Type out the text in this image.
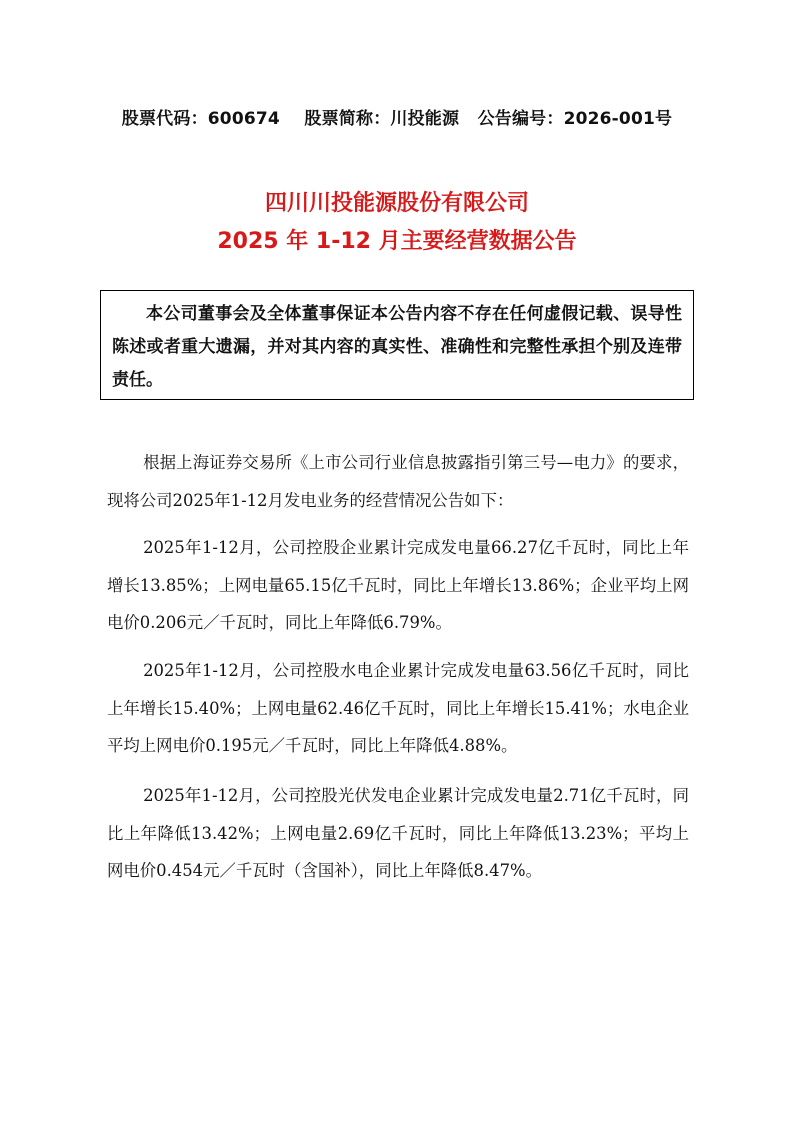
股票代码：600674    股票简称：川投能源   公告编号：2026-001号
四川川投能源股份有限公司
2025 年 1-12 月主要经营数据公告
本公司董事会及全体董事保证本公告内容不存在任何虚假记载、误导性陈述或者重大遗漏，并对其内容的真实性、准确性和完整性承担个别及连带责任。
根据上海证券交易所《上市公司行业信息披露指引第三号—电力》的要求，现将公司2025年1-12月发电业务的经营情况公告如下：
2025年1-12月，公司控股企业累计完成发电量66.27亿千瓦时，同比上年增长13.85%；上网电量65.15亿千瓦时，同比上年增长13.86%；企业平均上网电价0.206元／千瓦时，同比上年降低6.79%。
2025年1-12月，公司控股水电企业累计完成发电量63.56亿千瓦时，同比上年增长15.40%；上网电量62.46亿千瓦时，同比上年增长15.41%；水电企业平均上网电价0.195元／千瓦时，同比上年降低4.88%。
2025年1-12月，公司控股光伏发电企业累计完成发电量2.71亿千瓦时，同比上年降低13.42%；上网电量2.69亿千瓦时，同比上年降低13.23%；平均上网电价0.454元／千瓦时（含国补），同比上年降低8.47%。
